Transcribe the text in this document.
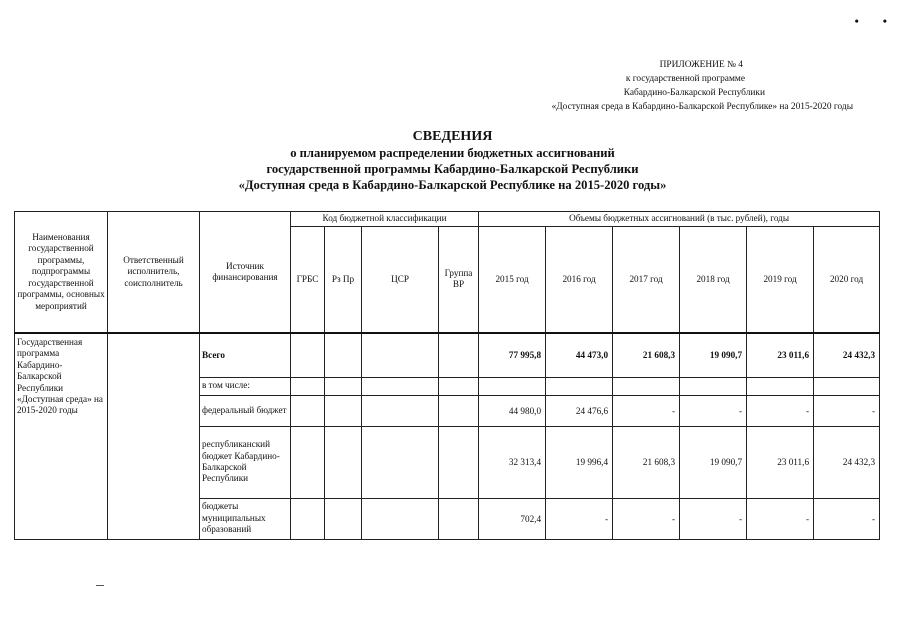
•        •
ПРИЛОЖЕНИЕ № 4
к государственной программе
Кабардино-Балкарской Республики
«Доступная среда в Кабардино-Балкарской Республике» на 2015-2020 годы
СВЕДЕНИЯ
о планируемом распределении бюджетных ассигнований
государственной программы Кабардино-Балкарской Республики
«Доступная среда в Кабардино-Балкарской Республике на 2015-2020 годы»
Наименования государственной программы, подпрограммы государственной программы, основных мероприятий	Ответственный исполнитель, соисполнитель	Источник финансирования	Код бюджетной классификации				Объемы бюджетных ассигнований (в тыс. рублей), годы					
			ГРБС	Рз Пр	ЦСР	Группа ВР	2015 год	2016 год	2017 год	2018 год	2019 год	2020 год
Государственная программа Кабардино-Балкарской Республики «Доступная среда» на 2015-2020 годы		Всего					77 995,8	44 473,0	21 608,3	19 090,7	23 011,6	24 432,3
		в том числе:										
		федеральный бюджет					44 980,0	24 476,6	-	-	-	-
		республиканский бюджет Кабардино-Балкарской Республики					32 313,4	19 996,4	21 608,3	19 090,7	23 011,6	24 432,3
		бюджеты муниципальных образований					702,4	-	-	-	-	-
